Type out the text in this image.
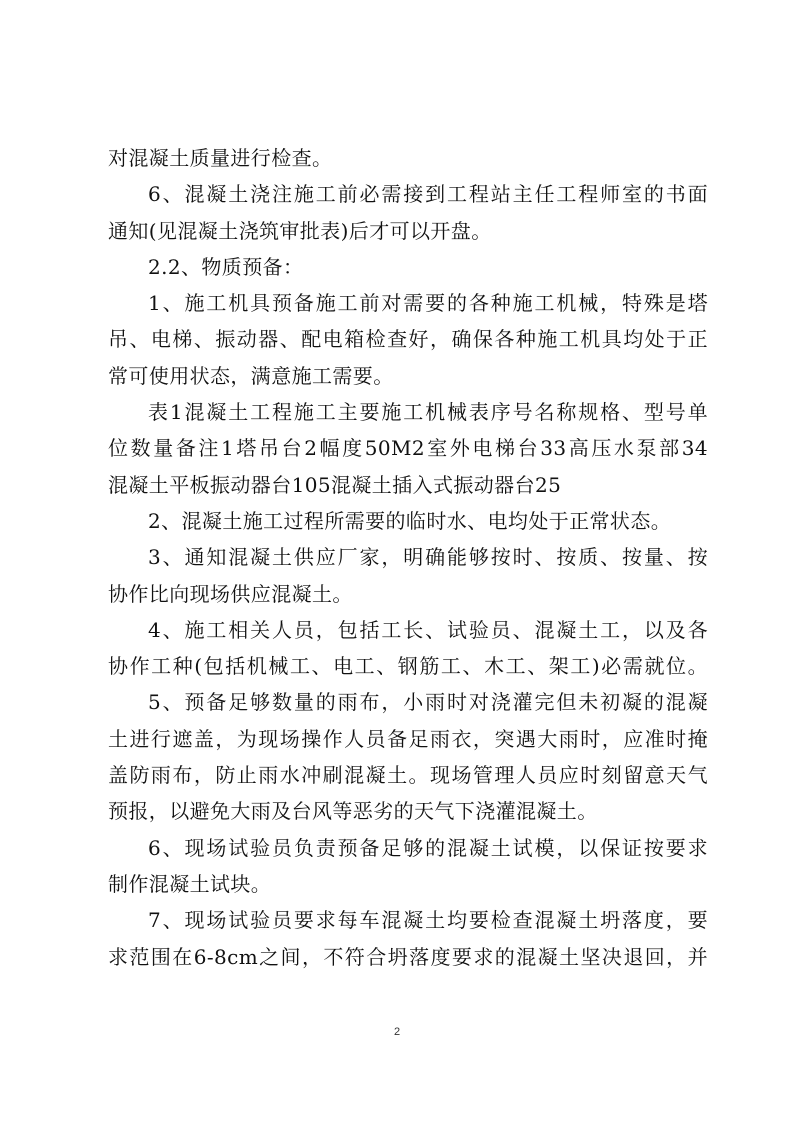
对混凝土质量进行检查。
6、混凝土浇注施工前必需接到工程站主任工程师室的书面
通知(见混凝土浇筑审批表)后才可以开盘。
2.2、物质预备：
1、施工机具预备施工前对需要的各种施工机械，特殊是塔
吊、电梯、振动器、配电箱检查好，确保各种施工机具均处于正
常可使用状态，满意施工需要。
表1混凝土工程施工主要施工机械表序号名称规格、型号单
位数量备注1塔吊台2幅度50M2室外电梯台33高压水泵部34
混凝土平板振动器台105混凝土插入式振动器台25
2、混凝土施工过程所需要的临时水、电均处于正常状态。
3、通知混凝土供应厂家，明确能够按时、按质、按量、按
协作比向现场供应混凝土。
4、施工相关人员，包括工长、试验员、混凝土工，以及各
协作工种(包括机械工、电工、钢筋工、木工、架工)必需就位。
5、预备足够数量的雨布，小雨时对浇灌完但未初凝的混凝
土进行遮盖，为现场操作人员备足雨衣，突遇大雨时，应准时掩
盖防雨布，防止雨水冲刷混凝土。现场管理人员应时刻留意天气
预报，以避免大雨及台风等恶劣的天气下浇灌混凝土。
6、现场试验员负责预备足够的混凝土试模，以保证按要求
制作混凝土试块。
7、现场试验员要求每车混凝土均要检查混凝土坍落度，要
求范围在6-8cm之间，不符合坍落度要求的混凝土坚决退回，并
2
